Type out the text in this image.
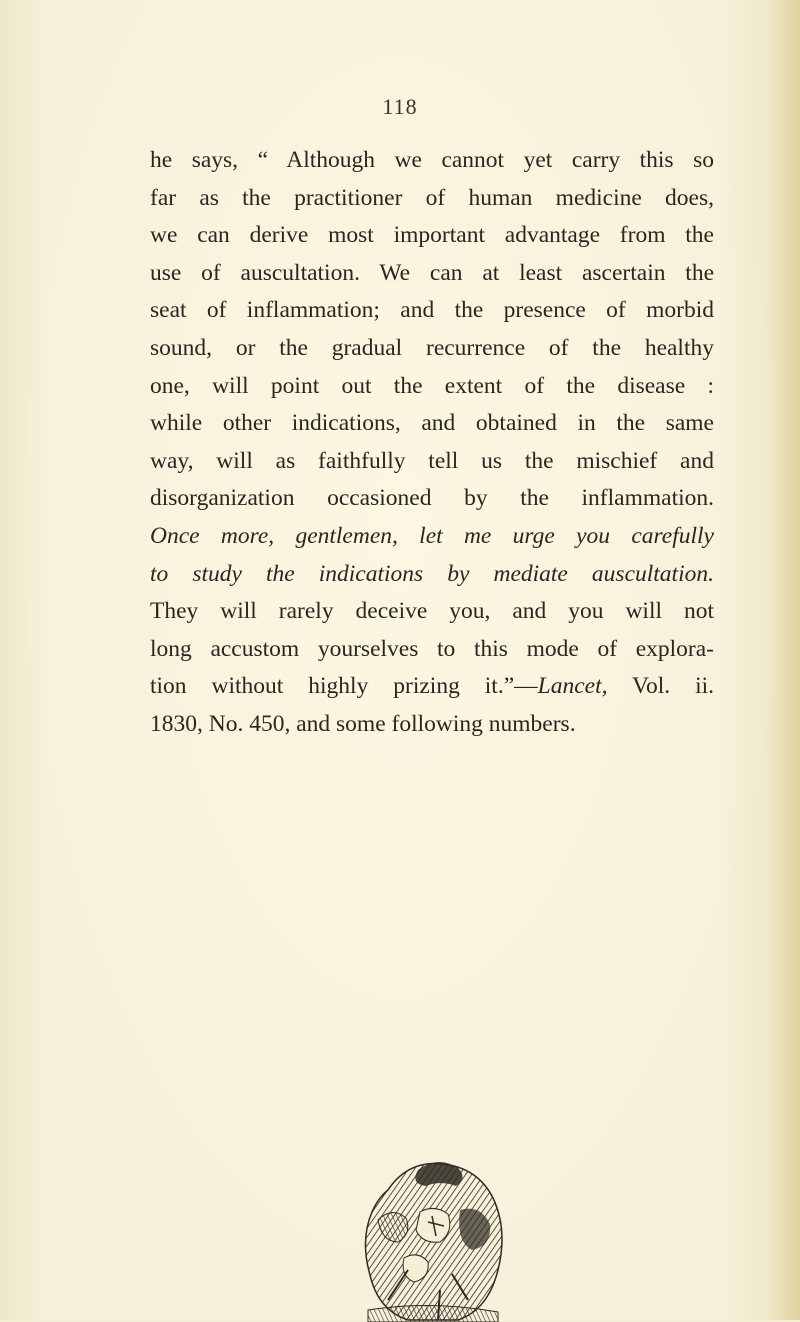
118
he says, “ Although we cannot yet carry this so
far as the practitioner of human medicine does,
we can derive most important advantage from the
use of auscultation. We can at least ascertain the
seat of inflammation; and the presence of morbid
sound, or the gradual recurrence of the healthy
one, will point out the extent of the disease :
while other indications, and obtained in the same
way, will as faithfully tell us the mischief and
disorganization occasioned by the inflammation.
Once more, gentlemen, let me urge you carefully
to study the indications by mediate auscultation.
They will rarely deceive you, and you will not
long accustom yourselves to this mode of explora-
tion without highly prizing it.”—Lancet, Vol. ii.
1830, No. 450, and some following numbers.
